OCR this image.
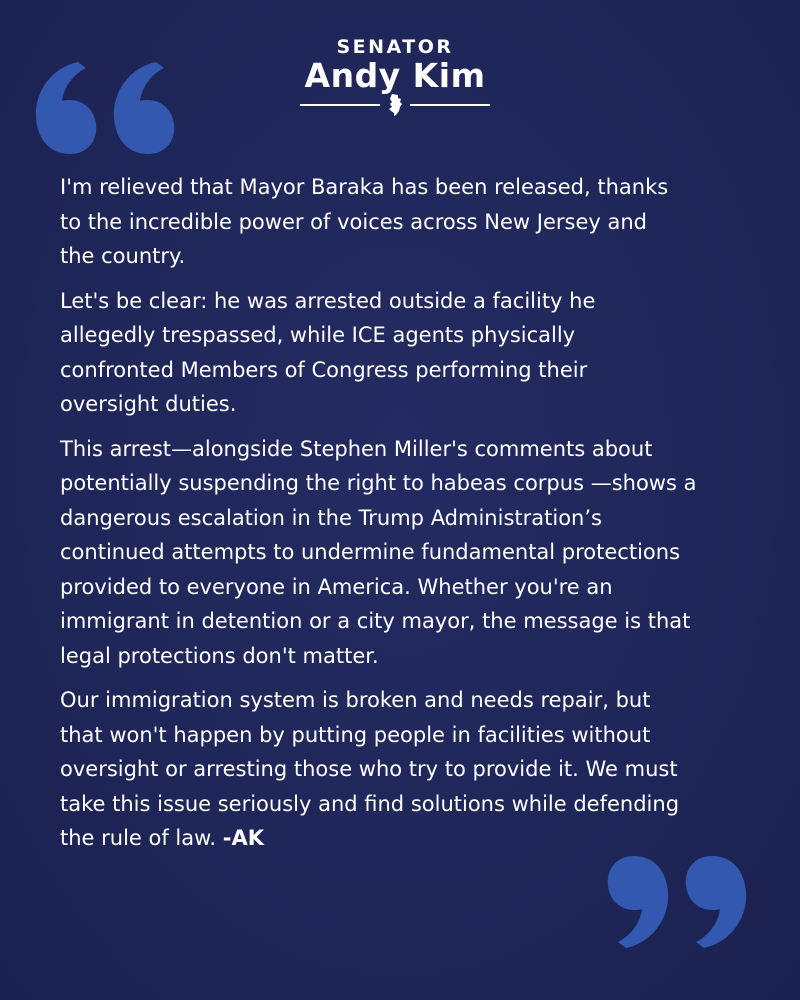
SENATOR
Andy Kim

I'm relieved that Mayor Baraka has been released, thanks
to the incredible power of voices across New Jersey and
the country.

Let's be clear: he was arrested outside a facility he
allegedly trespassed, while ICE agents physically
confronted Members of Congress performing their
oversight duties.

This arrest—alongside Stephen Miller's comments about
potentially suspending the right to habeas corpus —shows a
dangerous escalation in the Trump Administration’s
continued attempts to undermine fundamental protections
provided to everyone in America. Whether you're an
immigrant in detention or a city mayor, the message is that
legal protections don't matter.

Our immigration system is broken and needs repair, but
that won't happen by putting people in facilities without
oversight or arresting those who try to provide it. We must
take this issue seriously and find solutions while defending
the rule of law. -AK
